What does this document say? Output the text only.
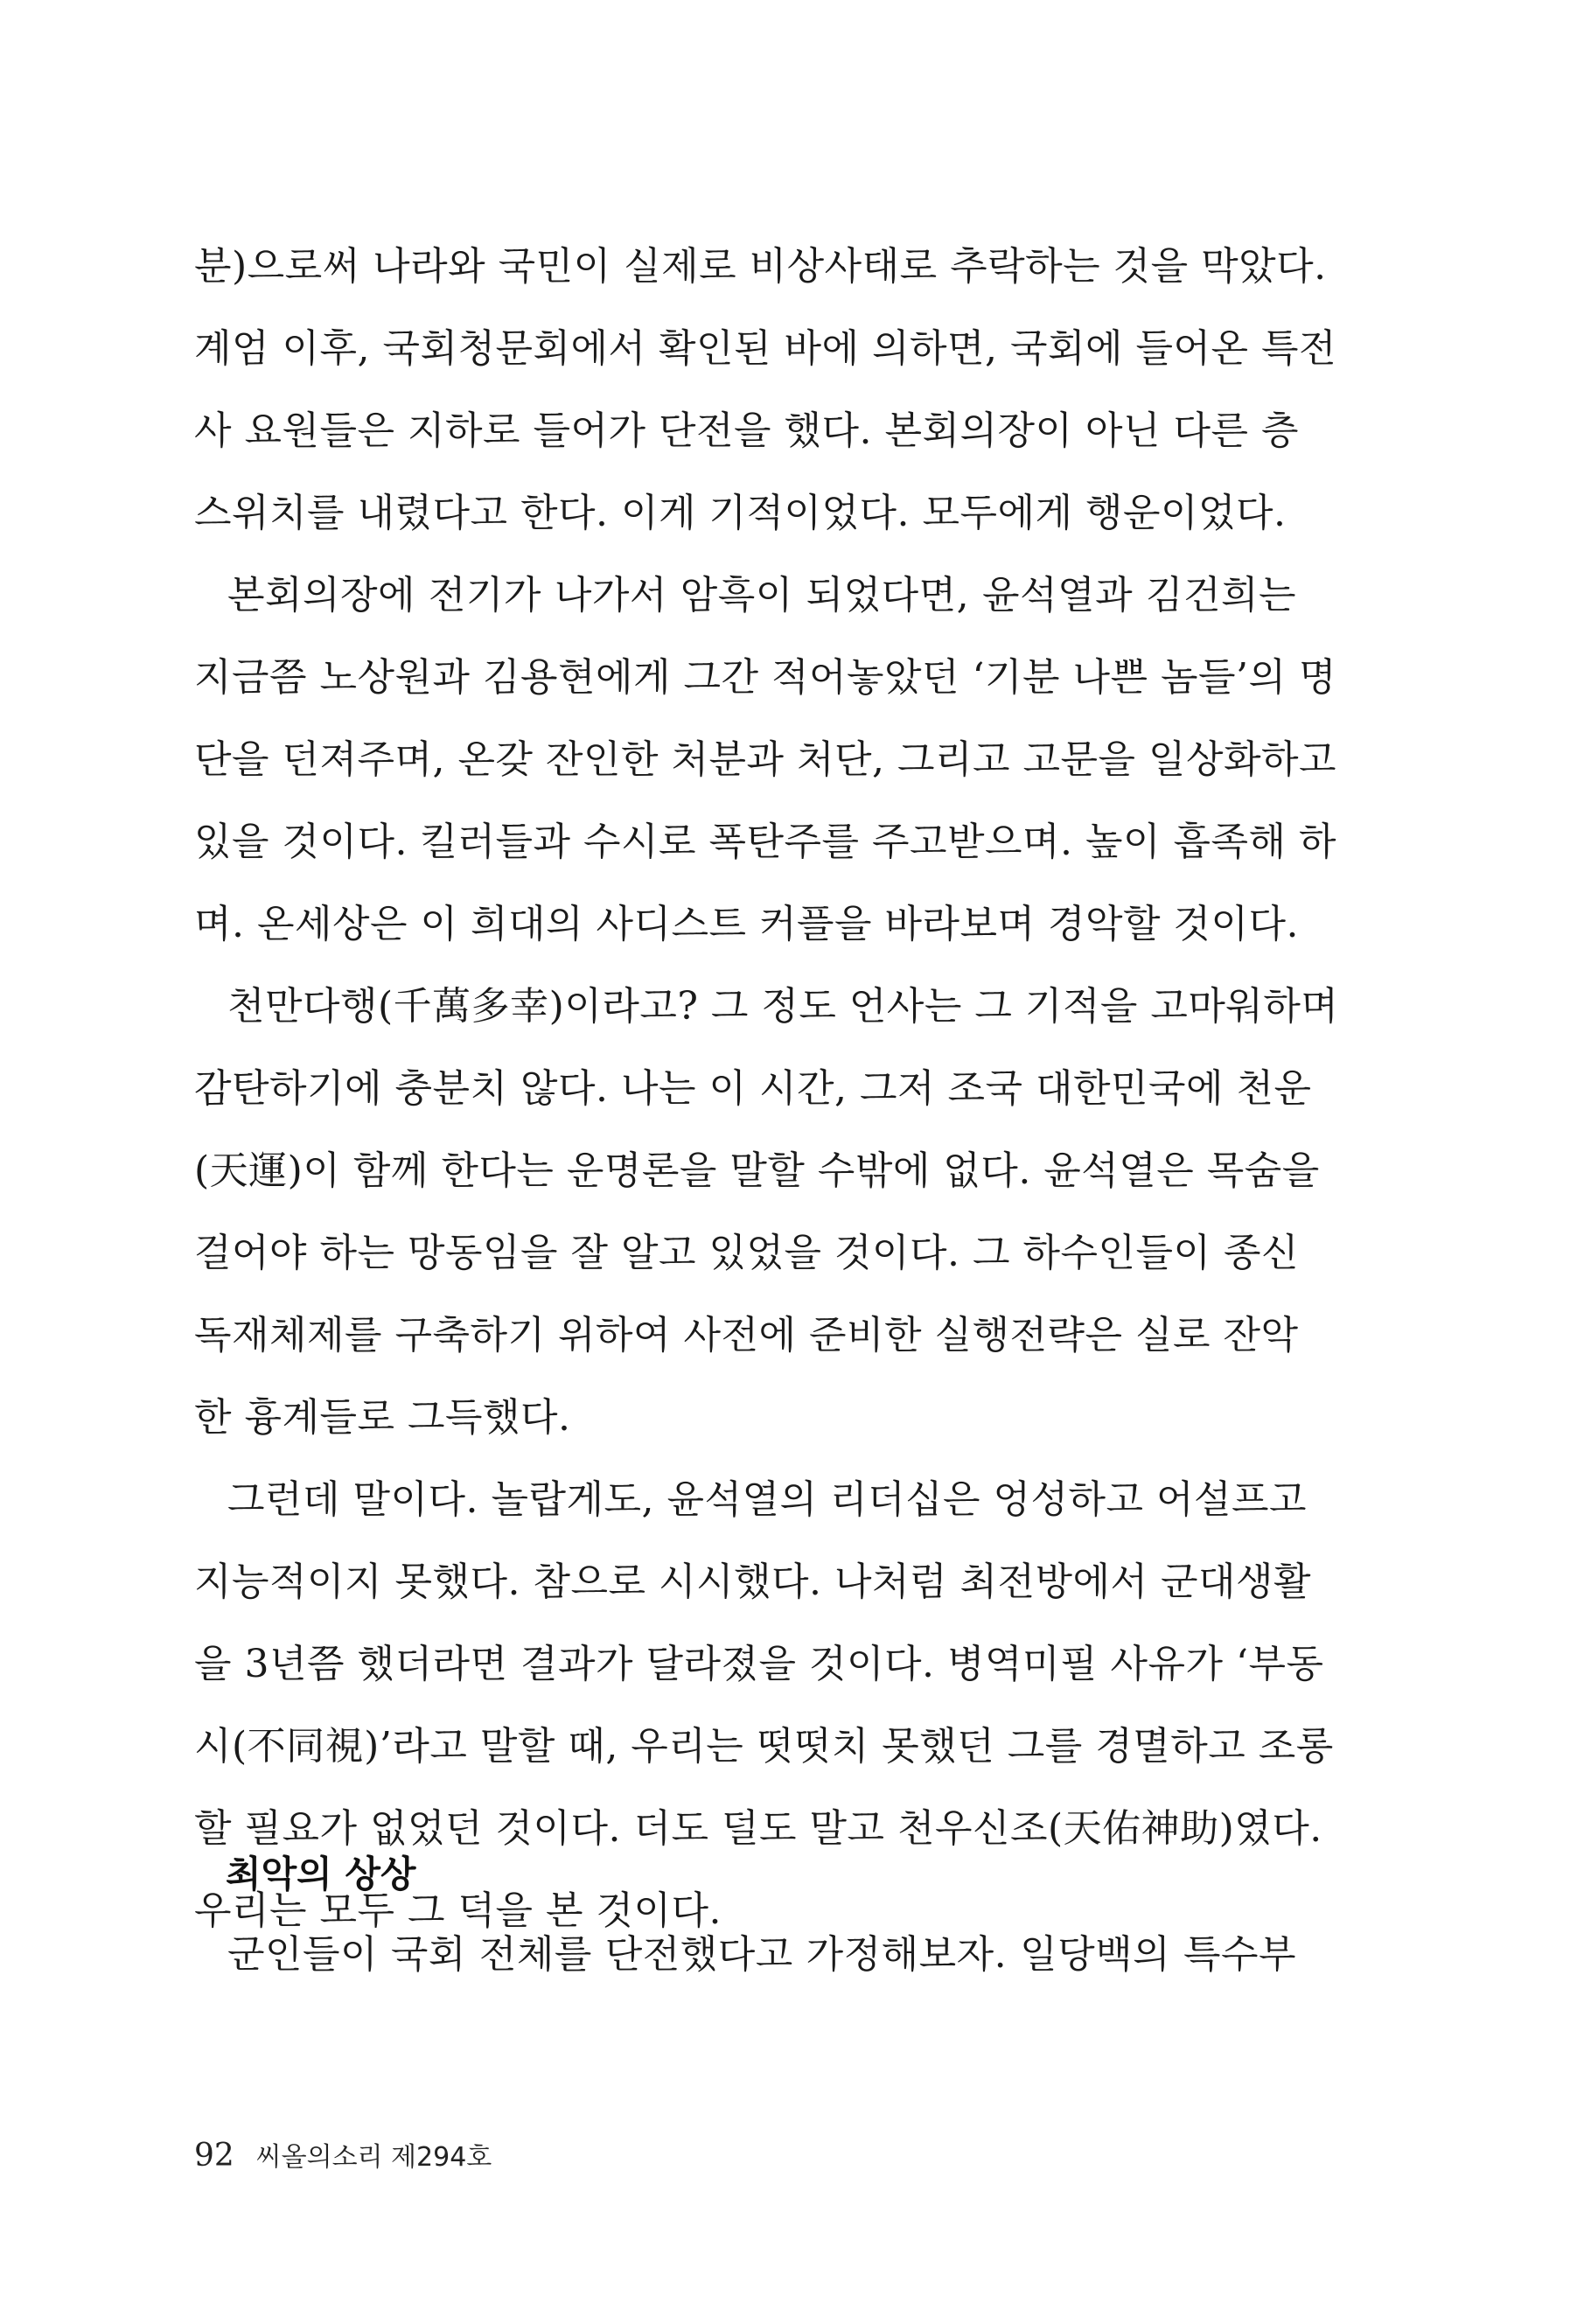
분)으로써 나라와 국민이 실제로 비상사태로 추락하는 것을 막았다.
계엄 이후, 국회청문회에서 확인된 바에 의하면, 국회에 들어온 특전
사 요원들은 지하로 들어가 단전을 했다. 본회의장이 아닌 다른 층
스위치를 내렸다고 한다. 이게 기적이었다. 모두에게 행운이었다.
본회의장에 전기가 나가서 암흑이 되었다면, 윤석열과 김건희는
지금쯤 노상원과 김용현에게 그간 적어놓았던 ‘기분 나쁜 놈들’의 명
단을 던져주며, 온갖 잔인한 처분과 처단, 그리고 고문을 일상화하고
있을 것이다. 킬러들과 수시로 폭탄주를 주고받으며. 높이 흡족해 하
며. 온세상은 이 희대의 사디스트 커플을 바라보며 경악할 것이다.
천만다행(千萬多幸)이라고? 그 정도 언사는 그 기적을 고마워하며
감탄하기에 충분치 않다. 나는 이 시간, 그저 조국 대한민국에 천운
(天運)이 함께 한다는 운명론을 말할 수밖에 없다. 윤석열은 목숨을
걸어야 하는 망동임을 잘 알고 있었을 것이다. 그 하수인들이 종신
독재체제를 구축하기 위하여 사전에 준비한 실행전략은 실로 잔악
한 흉계들로 그득했다.
그런데 말이다. 놀랍게도, 윤석열의 리더십은 엉성하고 어설프고
지능적이지 못했다. 참으로 시시했다. 나처럼 최전방에서 군대생활
을 3년쯤 했더라면 결과가 달라졌을 것이다. 병역미필 사유가 ‘부동
시(不同視)’라고 말할 때, 우리는 떳떳치 못했던 그를 경멸하고 조롱
할 필요가 없었던 것이다. 더도 덜도 말고 천우신조(天佑神助)였다.
우리는 모두 그 덕을 본 것이다.
최악의 상상
군인들이 국회 전체를 단전했다고 가정해보자. 일당백의 특수부
92 씨올의소리 제294호
